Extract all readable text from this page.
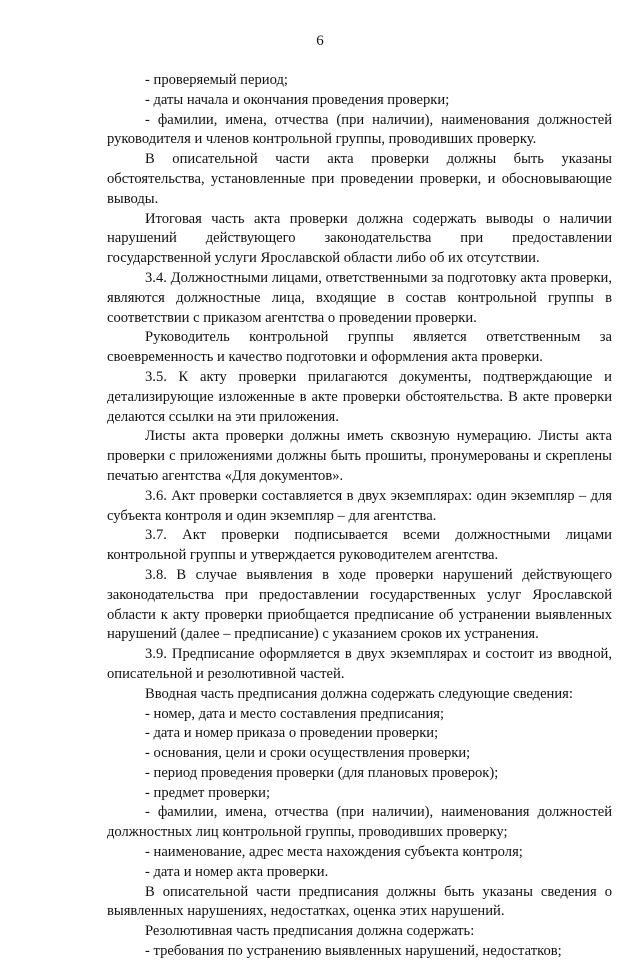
6

- проверяемый период;

- даты начала и окончания проведения проверки;

- фамилии, имена, отчества (при наличии), наименования должностей руководителя и членов контрольной группы, проводивших проверку.

В описательной части акта проверки должны быть указаны обстоятельства, установленные при проведении проверки, и обосновывающие выводы.

Итоговая часть акта проверки должна содержать выводы о наличии нарушений действующего законодательства при предоставлении государственной услуги Ярославской области либо об их отсутствии.

3.4. Должностными лицами, ответственными за подготовку акта проверки, являются должностные лица, входящие в состав контрольной группы в соответствии с приказом агентства о проведении проверки.

Руководитель контрольной группы является ответственным за своевременность и качество подготовки и оформления акта проверки.

3.5. К акту проверки прилагаются документы, подтверждающие и детализирующие изложенные в акте проверки обстоятельства. В акте проверки делаются ссылки на эти приложения.

Листы акта проверки должны иметь сквозную нумерацию. Листы акта проверки с приложениями должны быть прошиты, пронумерованы и скреплены печатью агентства «Для документов».

3.6. Акт проверки составляется в двух экземплярах: один экземпляр – для субъекта контроля и один экземпляр – для агентства.

3.7. Акт проверки подписывается всеми должностными лицами контрольной группы и утверждается руководителем агентства.

3.8. В случае выявления в ходе проверки нарушений действующего законодательства при предоставлении государственных услуг Ярославской области к акту проверки приобщается предписание об устранении выявленных нарушений (далее – предписание) с указанием сроков их устранения.

3.9. Предписание оформляется в двух экземплярах и состоит из вводной, описательной и резолютивной частей.

Вводная часть предписания должна содержать следующие сведения:

- номер, дата и место составления предписания;

- дата и номер приказа о проведении проверки;

- основания, цели и сроки осуществления проверки;

- период проведения проверки (для плановых проверок);

- предмет проверки;

- фамилии, имена, отчества (при наличии), наименования должностей должностных лиц контрольной группы, проводивших проверку;

- наименование, адрес места нахождения субъекта контроля;

- дата и номер акта проверки.

В описательной части предписания должны быть указаны сведения о выявленных нарушениях, недостатках, оценка этих нарушений.

Резолютивная часть предписания должна содержать:

- требования по устранению выявленных нарушений, недостатков;
